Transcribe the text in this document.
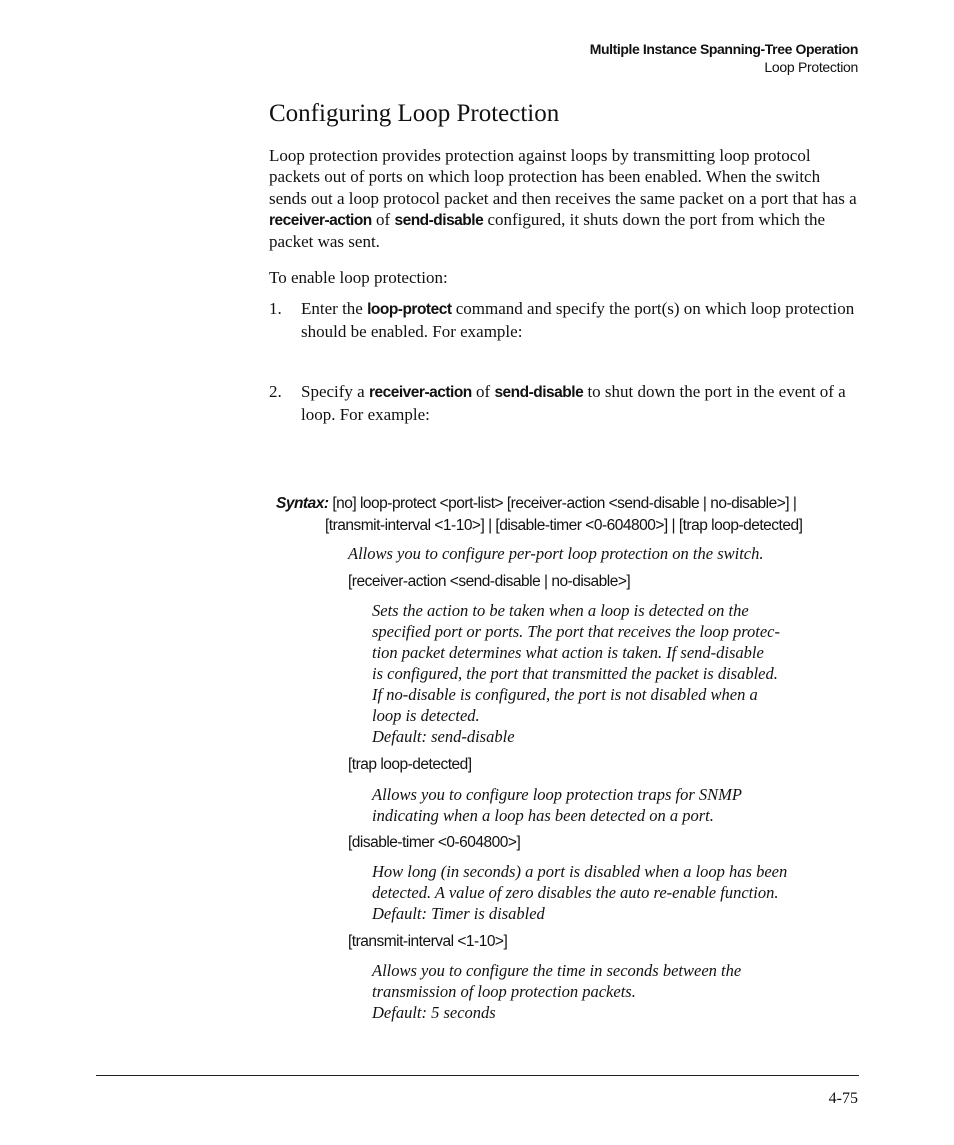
Multiple Instance Spanning-Tree Operation
Loop Protection
Configuring Loop Protection
Loop protection provides protection against loops by transmitting loop protocol packets out of ports on which loop protection has been enabled. When the switch sends out a loop protocol packet and then receives the same packet on a port that has a receiver-action of send-disable configured, it shuts down the port from which the packet was sent.
To enable loop protection:
1. Enter the loop-protect command and specify the port(s) on which loop protection should be enabled. For example:
2. Specify a receiver-action of send-disable to shut down the port in the event of a loop. For example:
Syntax: [no] loop-protect <port-list> [receiver-action <send-disable | no-disable>] |
[transmit-interval <1-10>] | [disable-timer <0-604800>] | [trap loop-detected]
Allows you to configure per-port loop protection on the switch.
[receiver-action <send-disable | no-disable>]
Sets the action to be taken when a loop is detected on the
specified port or ports. The port that receives the loop protec-
tion packet determines what action is taken. If send-disable
is configured, the port that transmitted the packet is disabled.
If no-disable is configured, the port is not disabled when a
loop is detected.
Default: send-disable
[trap loop-detected]
Allows you to configure loop protection traps for SNMP
indicating when a loop has been detected on a port.
[disable-timer <0-604800>]
How long (in seconds) a port is disabled when a loop has been
detected. A value of zero disables the auto re-enable function.
Default: Timer is disabled
[transmit-interval <1-10>]
Allows you to configure the time in seconds between the
transmission of loop protection packets.
Default: 5 seconds
4-75
